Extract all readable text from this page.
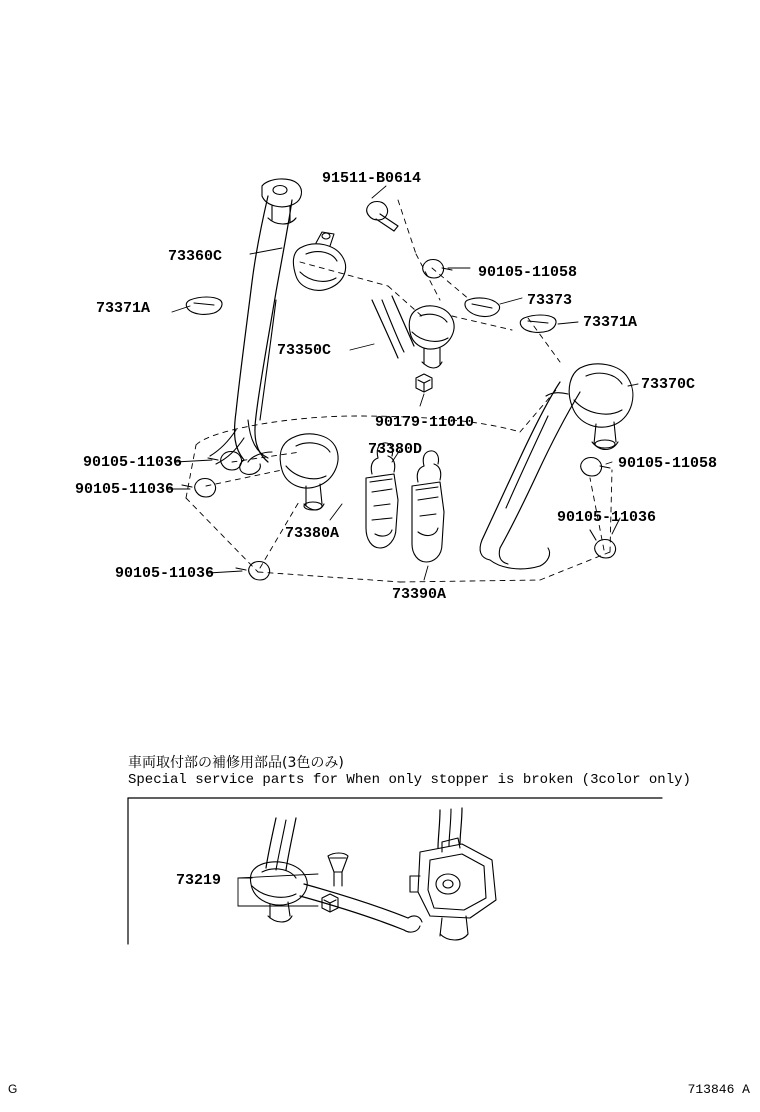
91511-B0614
73360C
90105-11058
73371A	73373
73371A
73350C
73370C
90179-11010
73380D
90105-11036	90105-11058
90105-11036
90105-11036
73380A
90105-11036
73390A
73219
車両取付部の補修用部品(3色のみ)
Special service parts for When only stopper is broken (3color only)
G	713846 A
